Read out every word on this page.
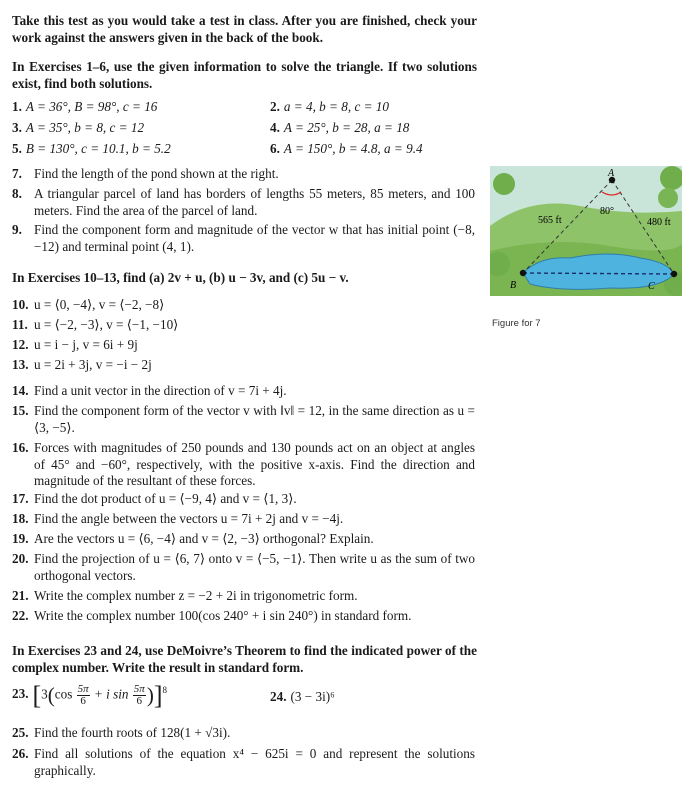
Take this test as you would take a test in class. After you are finished, check your work against the answers given in the back of the book.

In Exercises 1–6, use the given information to solve the triangle. If two solutions exist, find both solutions.

1. A = 36°, B = 98°, c = 16	2. a = 4, b = 8, c = 10
3. A = 35°, b = 8, c = 12	4. A = 25°, b = 28, a = 18
5. B = 130°, c = 10.1, b = 5.2	6. A = 150°, b = 4.8, a = 9.4
7. Find the length of the pond shown at the right.
8. A triangular parcel of land has borders of lengths 55 meters, 85 meters, and 100 meters. Find the area of the parcel of land.
9. Find the component form and magnitude of the vector w that has initial point (−8, −12) and terminal point (4, 1).

In Exercises 10–13, find (a) 2v + u, (b) u − 3v, and (c) 5u − v.

10. u = ⟨0, −4⟩, v = ⟨−2, −8⟩
11. u = ⟨−2, −3⟩, v = ⟨−1, −10⟩
12. u = i − j, v = 6i + 9j
13. u = 2i + 3j, v = −i − 2j
14. Find a unit vector in the direction of v = 7i + 4j.
15. Find the component form of the vector v with ‖v‖ = 12, in the same direction as u = ⟨3, −5⟩.
16. Forces with magnitudes of 250 pounds and 130 pounds act on an object at angles of 45° and −60°, respectively, with the positive x-axis. Find the direction and magnitude of the resultant of these forces.
17. Find the dot product of u = ⟨−9, 4⟩ and v = ⟨1, 3⟩.
18. Find the angle between the vectors u = 7i + 2j and v = −4j.
19. Are the vectors u = ⟨6, −4⟩ and v = ⟨2, −3⟩ orthogonal? Explain.
20. Find the projection of u = ⟨6, 7⟩ onto v = ⟨−5, −1⟩. Then write u as the sum of two orthogonal vectors.
21. Write the complex number z = −2 + 2i in trigonometric form.
22. Write the complex number 100(cos 240° + i sin 240°) in standard form.

In Exercises 23 and 24, use DeMoivre’s Theorem to find the indicated power of the complex number. Write the result in standard form.

23. [$3(\cos \frac{5\pi}{6} + i$ $\sin \frac{5\pi}{6} )]^8$	24. (3 − 3i)⁶
25. Find the fourth roots of 128(1 + √3i).
26. Find all solutions of the equation x⁴ − 625i = 0 and represent the solutions graphically.
A
B	C
565 ft	480 ft
80°
Figure for 7
